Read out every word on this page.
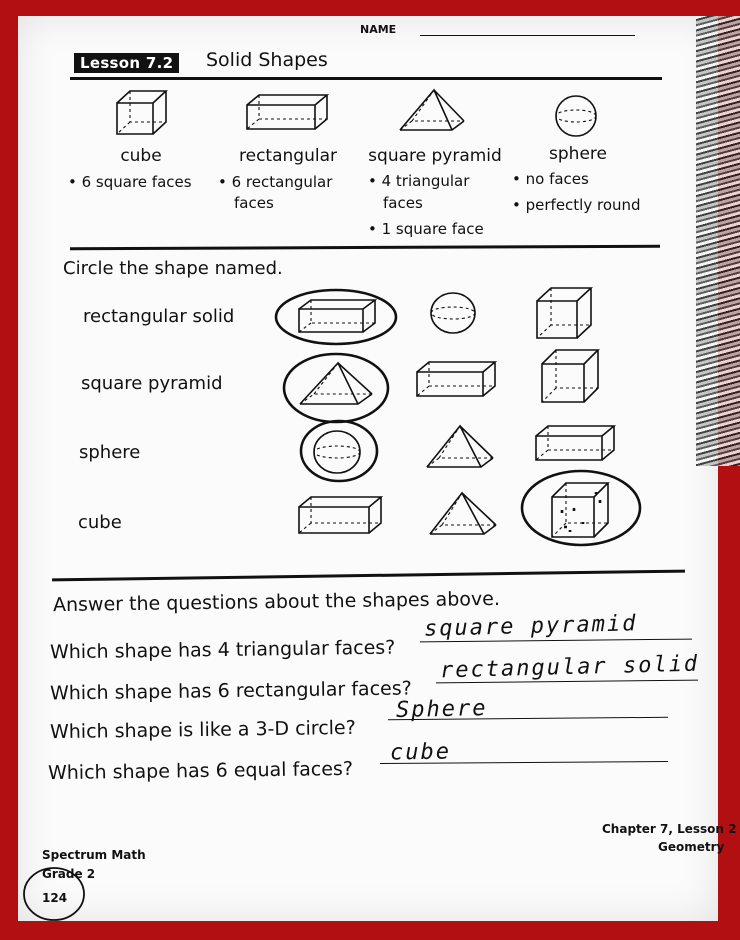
NAME
Lesson 7.2	Solid Shapes
cube
• 6 square faces
rectangular
• 6 rectangular
faces
square pyramid
• 4 triangular
faces
• 1 square face
sphere
• no faces
• perfectly round
Circle the shape named.
rectangular solid
square pyramid
sphere
cube
Answer the questions about the shapes above.
Which shape has 4 triangular faces?
square pyramid
Which shape has 6 rectangular faces?
rectangular solid
Which shape is like a 3-D circle?
Sphere
Which shape has 6 equal faces?
cube
Spectrum Math
Grade 2
124
Chapter 7, Lesson 2
Geometry
